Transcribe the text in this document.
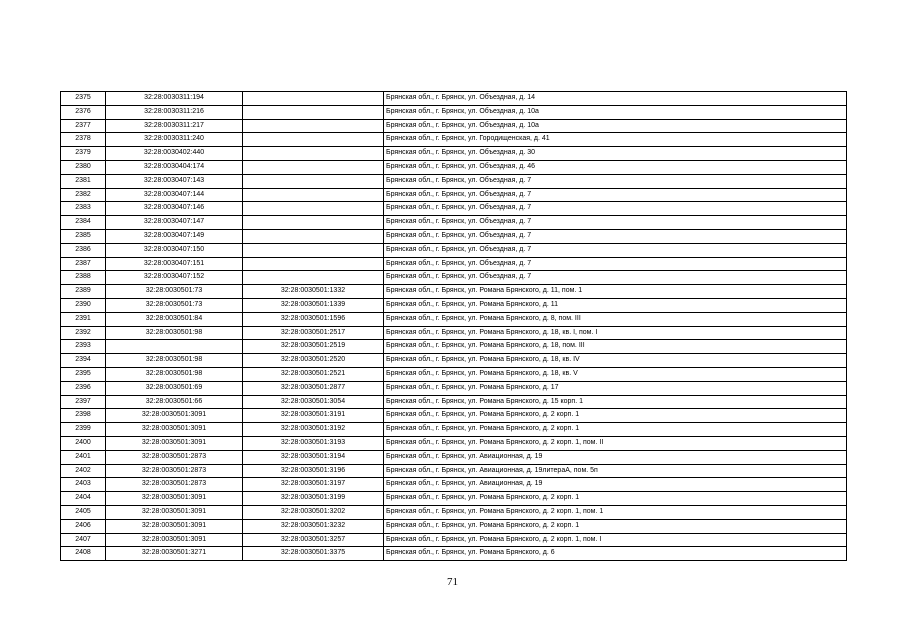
2375	32:28:0030311:194		Брянская обл., г. Брянск, ул. Объездная, д. 14
2376	32:28:0030311:216		Брянская обл., г. Брянск, ул. Объездная, д. 10а
2377	32:28:0030311:217		Брянская обл., г. Брянск, ул. Объездная, д. 10а
2378	32:28:0030311:240		Брянская обл., г. Брянск, ул. Городищенская, д. 41
2379	32:28:0030402:440		Брянская обл., г. Брянск, ул. Объездная, д. 30
2380	32:28:0030404:174		Брянская обл., г. Брянск, ул. Объездная, д. 46
2381	32:28:0030407:143		Брянская обл., г. Брянск, ул. Объездная, д. 7
2382	32:28:0030407:144		Брянская обл., г. Брянск, ул. Объездная, д. 7
2383	32:28:0030407:146		Брянская обл., г. Брянск, ул. Объездная, д. 7
2384	32:28:0030407:147		Брянская обл., г. Брянск, ул. Объездная, д. 7
2385	32:28:0030407:149		Брянская обл., г. Брянск, ул. Объездная, д. 7
2386	32:28:0030407:150		Брянская обл., г. Брянск, ул. Объездная, д. 7
2387	32:28:0030407:151		Брянская обл., г. Брянск, ул. Объездная, д. 7
2388	32:28:0030407:152		Брянская обл., г. Брянск, ул. Объездная, д. 7
2389	32:28:0030501:73	32:28:0030501:1332	Брянская обл., г. Брянск, ул. Романа Брянского, д. 11, пом. 1
2390	32:28:0030501:73	32:28:0030501:1339	Брянская обл., г. Брянск, ул. Романа Брянского, д. 11
2391	32:28:0030501:84	32:28:0030501:1596	Брянская обл., г. Брянск, ул. Романа Брянского, д. 8, пом. III
2392	32:28:0030501:98	32:28:0030501:2517	Брянская обл., г. Брянск, ул. Романа Брянского, д. 18, кв. I, пом. I
2393		32:28:0030501:2519	Брянская обл., г. Брянск, ул. Романа Брянского, д. 18, пом. III
2394	32:28:0030501:98	32:28:0030501:2520	Брянская обл., г. Брянск, ул. Романа Брянского, д. 18, кв. IV
2395	32:28:0030501:98	32:28:0030501:2521	Брянская обл., г. Брянск, ул. Романа Брянского, д. 18, кв. V
2396	32:28:0030501:69	32:28:0030501:2877	Брянская обл., г. Брянск, ул. Романа Брянского, д. 17
2397	32:28:0030501:66	32:28:0030501:3054	Брянская обл., г. Брянск, ул. Романа Брянского, д. 15 корп. 1
2398	32:28:0030501:3091	32:28:0030501:3191	Брянская обл., г. Брянск, ул. Романа Брянского, д. 2 корп. 1
2399	32:28:0030501:3091	32:28:0030501:3192	Брянская обл., г. Брянск, ул. Романа Брянского, д. 2 корп. 1
2400	32:28:0030501:3091	32:28:0030501:3193	Брянская обл., г. Брянск, ул. Романа Брянского, д. 2 корп. 1, пом. II
2401	32:28:0030501:2873	32:28:0030501:3194	Брянская обл., г. Брянск, ул. Авиационная, д. 19
2402	32:28:0030501:2873	32:28:0030501:3196	Брянская обл., г. Брянск, ул. Авиационная, д. 19литераА, пом. 5п
2403	32:28:0030501:2873	32:28:0030501:3197	Брянская обл., г. Брянск, ул. Авиационная, д. 19
2404	32:28:0030501:3091	32:28:0030501:3199	Брянская обл., г. Брянск, ул. Романа Брянского, д. 2 корп. 1
2405	32:28:0030501:3091	32:28:0030501:3202	Брянская обл., г. Брянск, ул. Романа Брянского, д. 2 корп. 1, пом. 1
2406	32:28:0030501:3091	32:28:0030501:3232	Брянская обл., г. Брянск, ул. Романа Брянского, д. 2 корп. 1
2407	32:28:0030501:3091	32:28:0030501:3257	Брянская обл., г. Брянск, ул. Романа Брянского, д. 2 корп. 1, пом. I
2408	32:28:0030501:3271	32:28:0030501:3375	Брянская обл., г. Брянск, ул. Романа Брянского, д. 6
71
